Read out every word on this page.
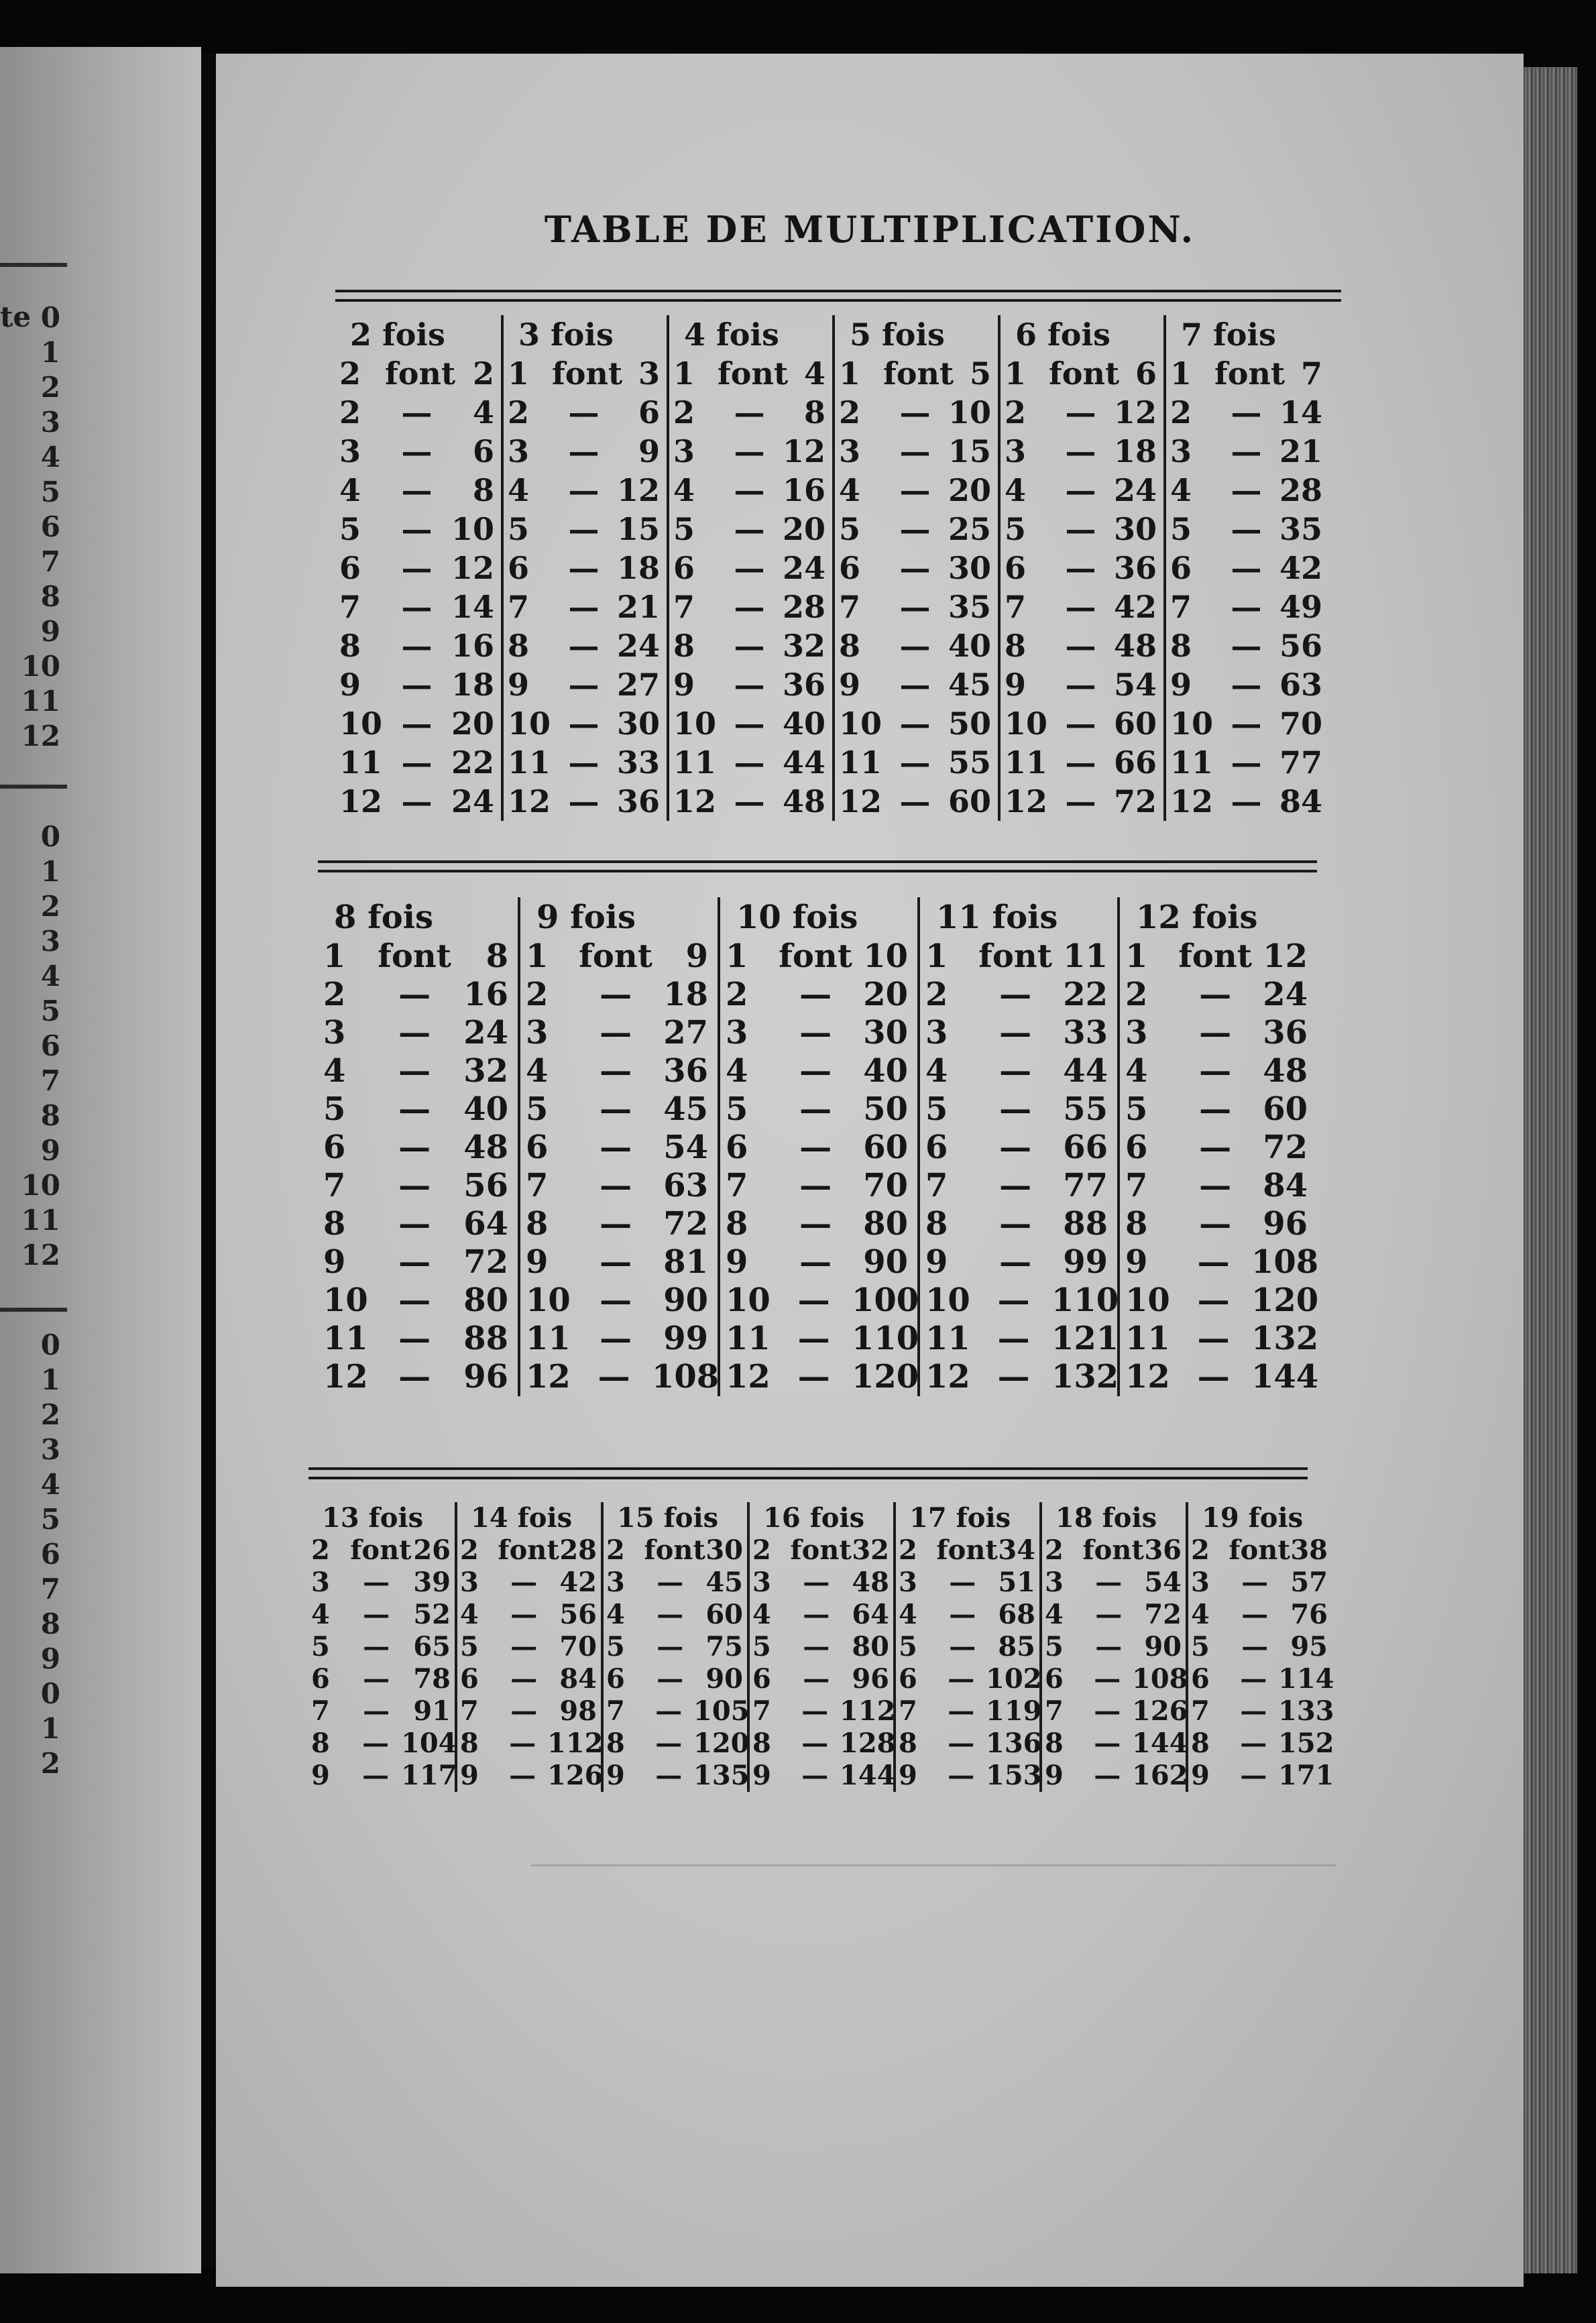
te 0
1
2
3
4
5
6
7
8
9
10
11
12
0
1
2
3
4
5
6
7
8
9
10
11
12
0
1
2
3
4
5
6
7
8
9
0
1
2
TABLE DE MULTIPLICATION.
2 fois
2 font 2
2	—	4
3	—	6
4	—	8
5	— 10
6	— 12
7	— 14
8	— 16
9	— 18
10 — 20
11 — 22
12 — 24
3 fois
1 font 3
2	—	6
3	—	9
4	— 12
5	— 15
6	— 18
7	— 21
8	— 24
9	— 27
10 — 30
11 — 33
12 — 36
4 fois
1 font 4
2	—	8
3	— 12
4	— 16
5	— 20
6	— 24
7	— 28
8	— 32
9	— 36
10 — 40
11 — 44
12 — 48
5 fois
1 font 5
2	— 10
3	— 15
4	— 20
5	— 25
6	— 30
7	— 35
8	— 40
9	— 45
10 — 50
11 — 55
12 — 60
6 fois
1 font 6
2	— 12
3	— 18
4	— 24
5	— 30
6	— 36
7	— 42
8	— 48
9	— 54
10 — 60
11 — 66
12 — 72
7 fois
1 font 7
2	— 14
3	— 21
4	— 28
5	— 35
6	— 42
7	— 49
8	— 56
9	— 63
10 — 70
11 — 77
12 — 84
8 fois
1 font	8
2	—	16
3	—	24
4	—	32
5	—	40
6	—	48
7	—	56
8	—	64
9	—	72
10 —	80
11 —	88
12 —	96
9 fois
1 font	9
2	— 18
3	— 27
4	— 36
5	— 45
6	— 54
7	— 63
8	— 72
9	— 81
10 — 90
11 — 99
12 — 108
10 fois
1 font 10
2	— 20
3	— 30
4	— 40
5	— 50
6	— 60
7	— 70
8	— 80
9	— 90
10 — 100
11 — 110
12 — 120
11 fois
1 font 11
2	— 22
3	— 33
4	— 44
5	— 55
6	— 66
7	— 77
8	— 88
9	— 99
10 — 110
11 — 121
12 — 132
12 fois
1 font 12
2	— 24
3	— 36
4	— 48
5	— 60
6	— 72
7	— 84
8	— 96
9	— 108
10 — 120
11 — 132
12 — 144
13 fois
2 font 26
3	— 39
4	— 52
5	— 65
6	— 78
7	— 91
8	— 104
9	— 117
14 fois
2 font 28
3	— 42
4	— 56
5	— 70
6	— 84
7	— 98
8	— 112
9	— 126
15 fois
2 font 30
3	— 45
4	— 60
5	— 75
6	— 90
7	— 105
8	— 120
9	— 135
16 fois
2 font 32
3	— 48
4	— 64
5	— 80
6	— 96
7	— 112
8	— 128
9	— 144
17 fois
2 font 34
3	— 51
4	— 68
5	— 85
6	— 102
7	— 119
8	— 136
9	— 153
18 fois
2 font 36
3	— 54
4	— 72
5	— 90
6	— 108
7	— 126
8	— 144
9	— 162
19 fois
2 font 38
3	— 57
4	— 76
5	— 95
6	— 114
7	— 133
8	— 152
9	— 171
